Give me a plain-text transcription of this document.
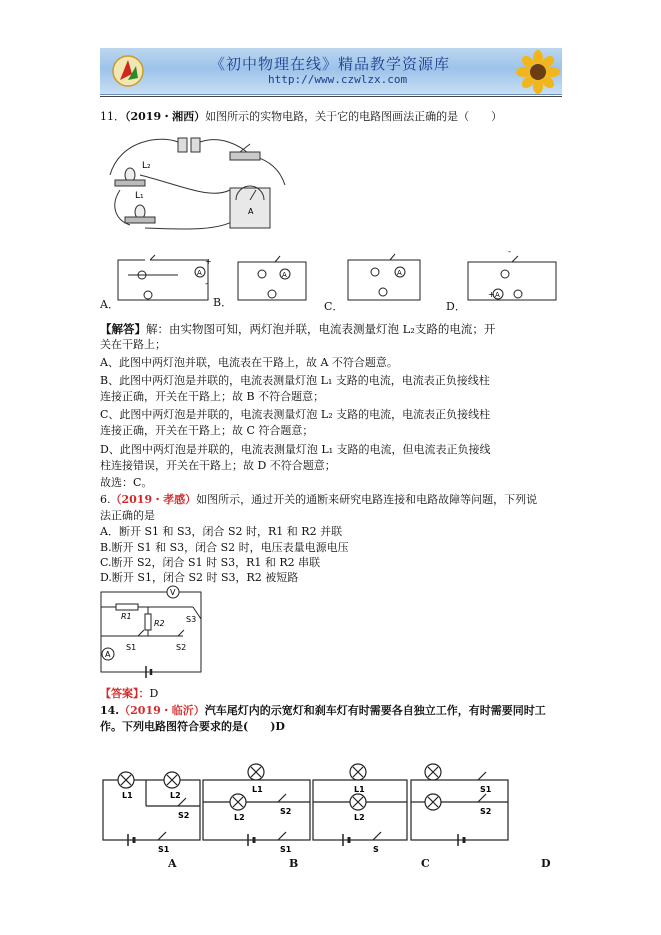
《初中物理在线》精品教学资源库
http://www.czwlzx.com
11．（2019・湘西）如图所示的实物电路，关于它的电路图画法正确的是（　　）
L₂
L₁
A
+
-
A	A	A
A
-
+
A．	B．	C．	D．
【解答】解：由实物图可知，两灯泡并联，电流表测量灯泡 L₂支路的电流；开
关在干路上；
A、此图中两灯泡并联，电流表在干路上，故 A 不符合题意。
B、此图中两灯泡是并联的，电流表测量灯泡 L₁ 支路的电流，电流表正负接线柱
连接正确，开关在干路上；故 B 不符合题意；
C、此图中两灯泡是并联的，电流表测量灯泡 L₂ 支路的电流，电流表正负接线柱
连接正确，开关在干路上；故 C 符合题意；
D、此图中两灯泡是并联的，电流表测量灯泡 L₁ 支路的电流，但电流表正负接线
柱连接错误，开关在干路上；故 D 不符合题意；
故选：C。
6.（2019・孝感）如图所示，通过开关的通断来研究电路连接和电路故障等问题，下列说
法正确的是
A．断开 S1 和 S3，闭合 S2 时，R1 和 R2 并联
B.断开 S1 和 S3，闭合 S2 时，电压表量电源电压
C.断开 S2，闭合 S1 时 S3，R1 和 R2 串联
D.断开 S1，闭合 S2 时 S3，R2 被短路
V
A
R1
R2	S3
S1	S2
【答案】：D
14.（2019・临沂）汽车尾灯内的示宽灯和刹车灯有时需要各自独立工作，有时需要同时工
作。下列电路图符合要求的是(　　)D
L1	L2
S2
S1
L1
L2
S2
S1
L1
L2
S
S1
S2
A	B	C	D
